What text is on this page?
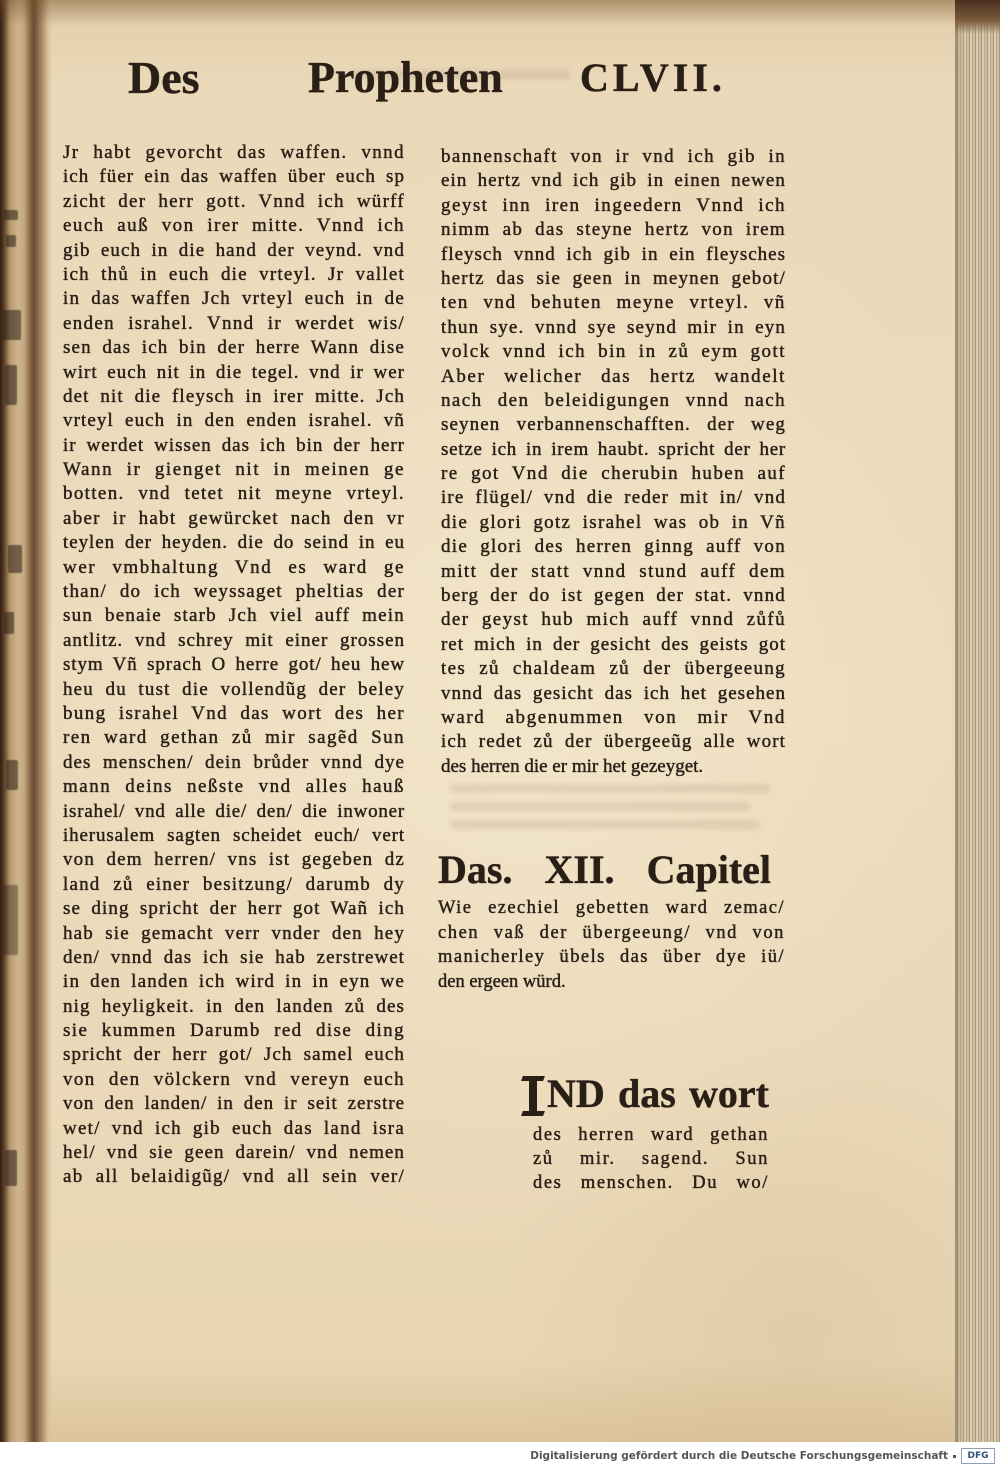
Des Propheten CLVII.
Jr habt gevorcht das waffen. vnnd
ich füer ein das waffen über euch sp
zicht der herr gott. Vnnd ich würff
euch auß von irer mitte. Vnnd ich
gib euch in die hand der veynd. vnd
ich thů in euch die vrteyl. Jr vallet
in das waffen Jch vrteyl euch in de
enden israhel. Vnnd ir werdet wis/
sen das ich bin der herre Wann dise
wirt euch nit in die tegel. vnd ir wer
det nit die fleysch in irer mitte. Jch
vrteyl euch in den enden israhel. vñ
ir werdet wissen das ich bin der herr
Wann ir gienget nit in meinen ge
botten. vnd tetet nit meyne vrteyl.
aber ir habt gewürcket nach den vr
teylen der heyden. die do seind in eu
wer vmbhaltung Vnd es ward ge
than/ do ich weyssaget pheltias der
sun benaie starb Jch viel auff mein
antlitz. vnd schrey mit einer grossen
stym Vñ sprach O herre got/ heu hew
heu du tust die vollendũg der beley
bung israhel Vnd das wort des her
ren ward gethan zů mir sagẽd Sun
des menschen/ dein brůder vnnd dye
mann deins neßste vnd alles hauß
israhel/ vnd alle die/ den/ die inwoner
iherusalem sagten scheidet euch/ vert
von dem herren/ vns ist gegeben dz
land zů einer besitzung/ darumb dy
se ding spricht der herr got Wañ ich
hab sie gemacht verr vnder den hey
den/ vnnd das ich sie hab zerstrewet
in den landen ich wird in in eyn we
nig heyligkeit. in den landen zů des
sie kummen Darumb red dise ding
spricht der herr got/ Jch samel euch
von den völckern vnd vereyn euch
von den landen/ in den ir seit zerstre
wet/ vnd ich gib euch das land isra
hel/ vnd sie geen darein/ vnd nemen
ab all belaidigũg/ vnd all sein ver/
bannenschaft von ir vnd ich gib in
ein hertz vnd ich gib in einen newen
geyst inn iren ingeedern Vnnd ich
nimm ab das steyne hertz von irem
fleysch vnnd ich gib in ein fleysches
hertz das sie geen in meynen gebot/
ten vnd behuten meyne vrteyl. vñ
thun sye. vnnd sye seynd mir in eyn
volck vnnd ich bin in zů eym gott
Aber welicher das hertz wandelt
nach den beleidigungen vnnd nach
seynen verbannenschafften. der weg
setze ich in irem haubt. spricht der her
re got Vnd die cherubin huben auf
ire flügel/ vnd die reder mit in/ vnd
die glori gotz israhel was ob in Vñ
die glori des herren ginng auff von
mitt der statt vnnd stund auff dem
berg der do ist gegen der stat. vnnd
der geyst hub mich auff vnnd zůfů
ret mich in der gesicht des geists got
tes zů chaldeam zů der übergeeung
vnnd das gesicht das ich het gesehen
ward abgenummen von mir Vnd
ich redet zů der übergeeũg alle wort
des herren die er mir het gezeyget.
Das. XII. Capitel
Wie ezechiel gebetten ward zemac/
chen vaß der übergeeung/ vnd von
manicherley übels das über dye iü/
den ergeen würd.
ND das wort
des herren ward gethan
zů mir. sagend. Sun
des menschen. Du wo/
Digitalisierung gefördert durch die Deutsche Forschungsgemeinschaft	DFG
